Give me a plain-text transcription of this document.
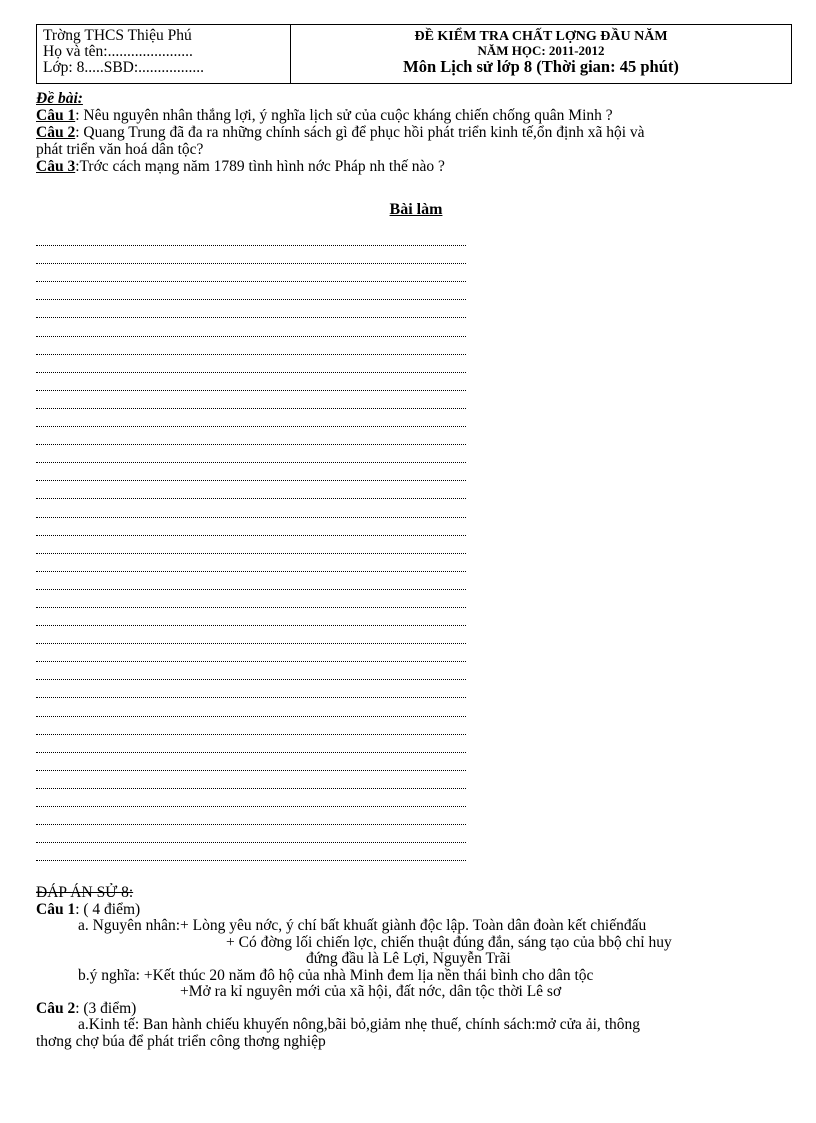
Trờng THCS Thiệu Phú
Họ và tên:......................
Lớp: 8.....SBD:.................
ĐỀ KIỂM TRA CHẤT LỢNG ĐẦU NĂM
NĂM HỌC: 2011-2012
Môn Lịch sử lớp 8 (Thời gian: 45 phút)
Đề bài:
Câu 1: Nêu nguyên nhân thắng lợi, ý nghĩa lịch sử của cuộc kháng chiến chống quân Minh ?
Câu 2: Quang Trung đã đa ra những chính sách gì để phục hồi phát triển kinh tế,ổn định xã hội và
phát triển văn hoá dân tộc?
Câu 3:Trớc cách mạng năm 1789 tình hình nớc Pháp nh thế nào ?
Bài làm
ĐÁP ÁN SỬ 8:
Câu 1: ( 4 điểm)
a. Nguyên nhân:+ Lòng yêu nớc, ý chí bất khuất giành độc lập. Toàn dân đoàn kết chiếnđấu
+ Có đờng lối chiến lợc, chiến thuật đúng đắn, sáng tạo của bbộ chỉ huy
đứng đầu là Lê Lợi, Nguyễn Trãi
b.ý nghĩa: +Kết thúc 20 năm đô hộ của nhà Minh đem lịa nền thái bình cho dân tộc
+Mở ra kỉ nguyên mới của xã hội, đất nớc, dân tộc thời Lê sơ
Câu 2: (3 điểm)
a.Kinh tế: Ban hành chiếu khuyến nông,bãi bỏ,giảm nhẹ thuế, chính sách:mở cửa ải, thông
thơng chợ búa để phát triển công thơng nghiệp
